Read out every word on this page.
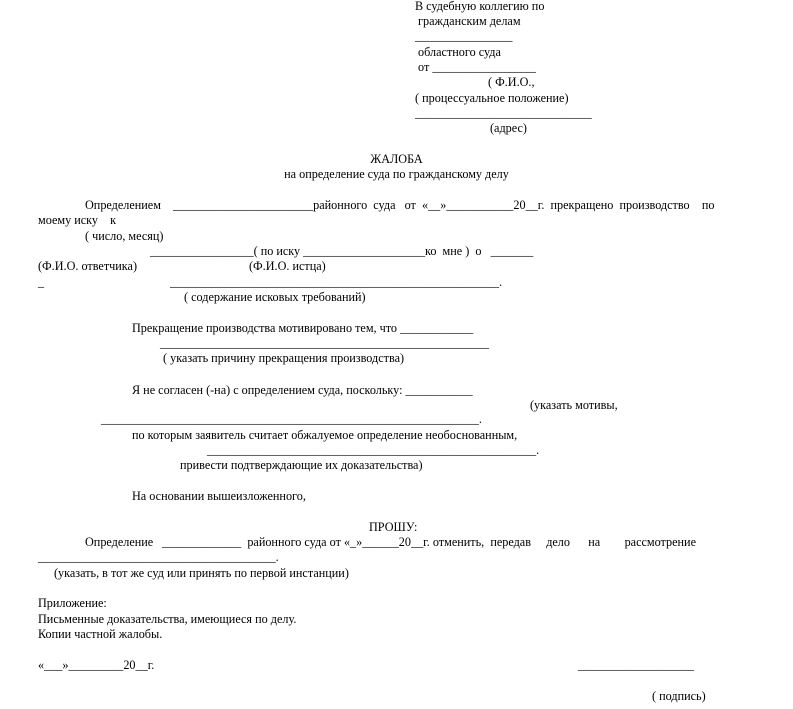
В судебную коллегию по
гражданским делам
________________
областного суда
от _________________
( Ф.И.О.,
( процессуальное положение)
_____________________________
(адрес)
ЖАЛОБА
на определение суда по гражданскому делу
Определением _______________________районного  суда   от  «__»___________20__г.  прекращено  производство    по
моему иску    к
( число, месяц)
_________________( по иску ____________________ко  мне )  о   _______
(Ф.И.О. ответчика)	(Ф.И.О. истца)
_	______________________________________________________.
( содержание исковых требований)
Прекращение производства мотивировано тем, что ____________
______________________________________________________
( указать причину прекращения производства)
Я не согласен (-на) с определением суда, поскольку: ___________
(указать мотивы,
______________________________________________________________.
по которым заявитель считает обжалуемое определение необоснованным,
______________________________________________________.
привести подтверждающие их доказательства)
На основании вышеизложенного,
ПРОШУ:
Определение _____________  районного суда от «_»______20__г. отменить,  передав     дело      на        рассмотрение
_______________________________________.
(указать, в тот же суд или принять по первой инстанции)
Приложение:
Письменные доказательства, имеющиеся по делу.
Копии частной жалобы.
«___»_________20__г.	___________________
( подпись)
